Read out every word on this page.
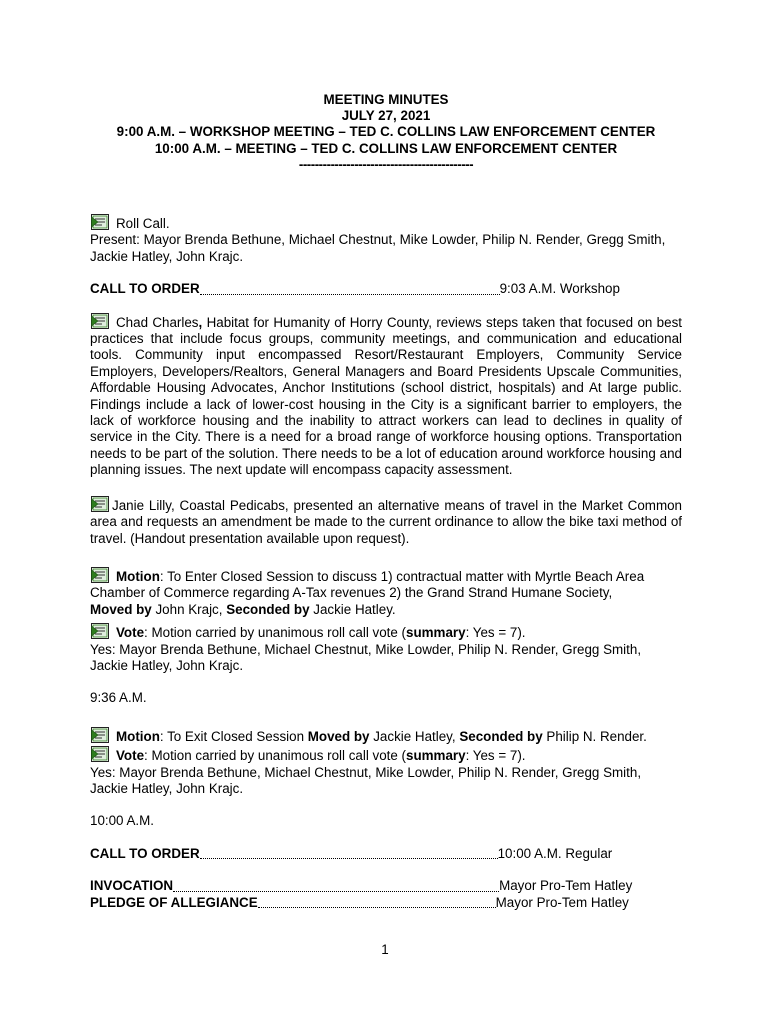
MEETING MINUTES
JULY 27, 2021
9:00 A.M. – WORKSHOP MEETING – TED C. COLLINS LAW ENFORCEMENT CENTER
10:00 A.M. – MEETING – TED C. COLLINS LAW ENFORCEMENT CENTER
--------------------------------------------

Roll Call.

Present: Mayor Brenda Bethune, Michael Chestnut, Mike Lowder, Philip N. Render, Gregg Smith, Jackie Hatley, John Krajc.

CALL TO ORDER	9:03 A.M. Workshop

Chad Charles, Habitat for Humanity of Horry County, reviews steps taken that focused on best practices that include focus groups, community meetings, and communication and educational tools. Community input encompassed Resort/Restaurant Employers, Community Service Employers, Developers/Realtors, General Managers and Board Presidents Upscale Communities, Affordable Housing Advocates, Anchor Institutions (school district, hospitals) and At large public. Findings include a lack of lower-cost housing in the City is a significant barrier to employers, the lack of workforce housing and the inability to attract workers can lead to declines in quality of service in the City. There is a need for a broad range of workforce housing options. Transportation needs to be part of the solution. There needs to be a lot of education around workforce housing and planning issues. The next update will encompass capacity assessment.

Janie Lilly, Coastal Pedicabs, presented an alternative means of travel in the Market Common area and requests an amendment be made to the current ordinance to allow the bike taxi method of travel. (Handout presentation available upon request).

Motion: To Enter Closed Session to discuss 1) contractual matter with Myrtle Beach Area Chamber of Commerce regarding A-Tax revenues 2) the Grand Strand Humane Society,
Moved by John Krajc, Seconded by Jackie Hatley.

Vote: Motion carried by unanimous roll call vote (summary: Yes = 7).

Yes: Mayor Brenda Bethune, Michael Chestnut, Mike Lowder, Philip N. Render, Gregg Smith, Jackie Hatley, John Krajc.

9:36 A.M.

Motion: To Exit Closed Session Moved by Jackie Hatley, Seconded by Philip N. Render.

Vote: Motion carried by unanimous roll call vote (summary: Yes = 7).

Yes: Mayor Brenda Bethune, Michael Chestnut, Mike Lowder, Philip N. Render, Gregg Smith, Jackie Hatley, John Krajc.

10:00 A.M.

CALL TO ORDER	10:00 A.M. Regular
INVOCATION	Mayor Pro-Tem Hatley
PLEDGE OF ALLEGIANCE	Mayor Pro-Tem Hatley
1
